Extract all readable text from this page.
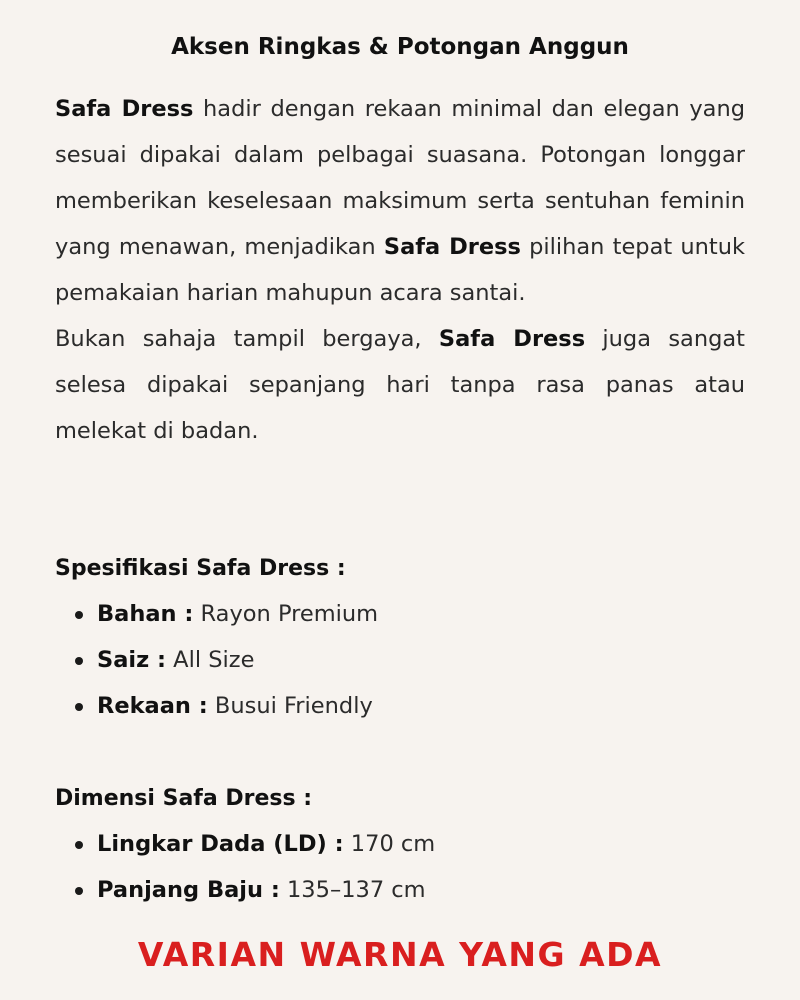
Aksen Ringkas & Potongan Anggun

Safa Dress hadir dengan rekaan minimal dan elegan yang sesuai dipakai dalam pelbagai suasana. Potongan longgar memberikan keselesaan maksimum serta sentuhan feminin yang menawan, menjadikan Safa Dress pilihan tepat untuk pemakaian harian mahupun acara santai.

Bukan sahaja tampil bergaya, Safa Dress juga sangat selesa dipakai sepanjang hari tanpa rasa panas atau melekat di badan.

Spesifikasi Safa Dress :
Bahan : Rayon Premium
Saiz : All Size
Rekaan : Busui Friendly
Dimensi Safa Dress :
Lingkar Dada (LD) : 170 cm
Panjang Baju : 135–137 cm
VARIAN WARNA YANG ADA
